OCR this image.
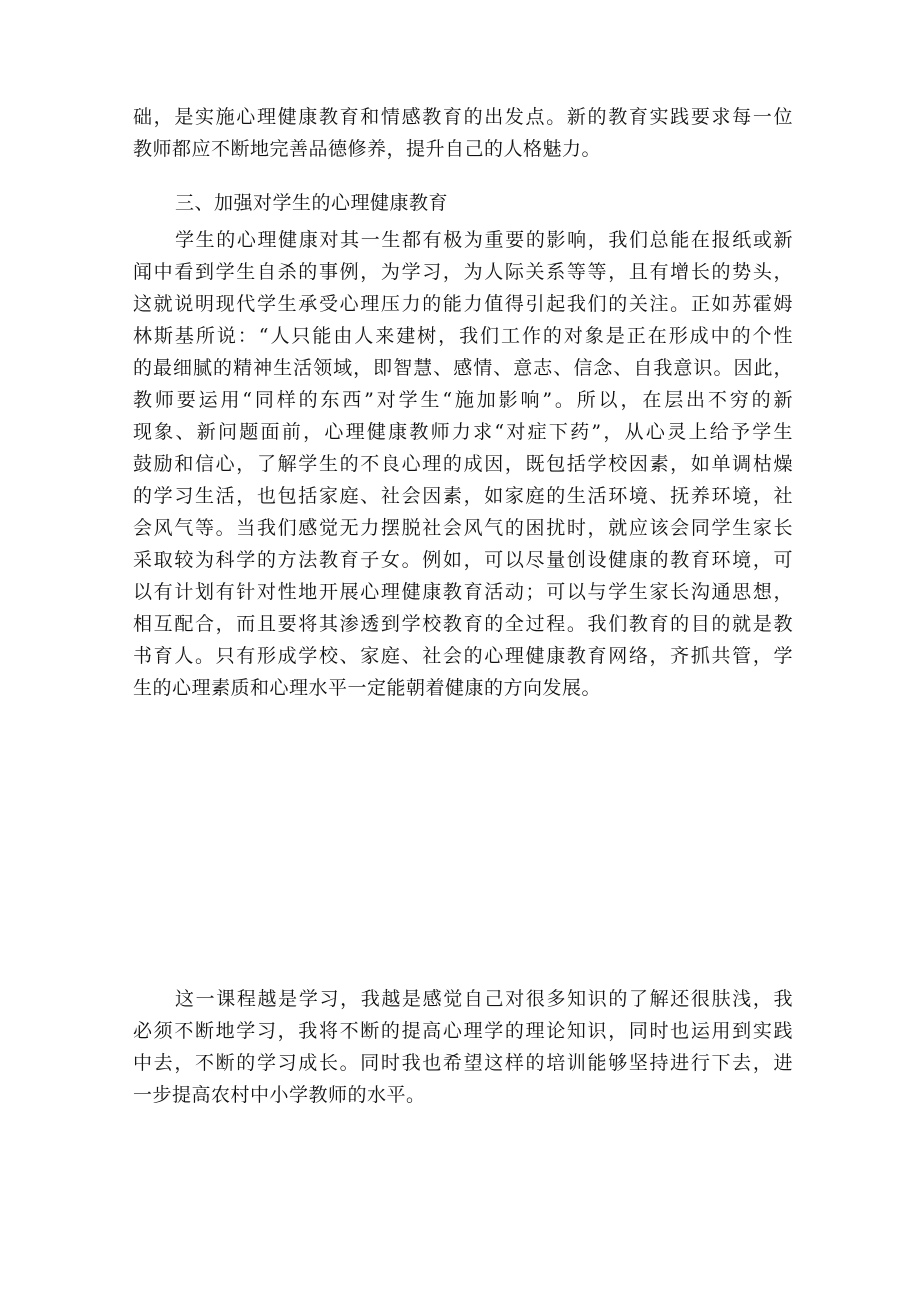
础，是实施心理健康教育和情感教育的出发点。新的教育实践要求每一位
教师都应不断地完善品德修养，提升自己的人格魅力。
三、加强对学生的心理健康教育
学生的心理健康对其一生都有极为重要的影响，我们总能在报纸或新
闻中看到学生自杀的事例，为学习，为人际关系等等，且有增长的势头，
这就说明现代学生承受心理压力的能力值得引起我们的关注。正如苏霍姆
林斯基所说：“人只能由人来建树，我们工作的对象是正在形成中的个性
的最细腻的精神生活领域，即智慧、感情、意志、信念、自我意识。因此，
教师要运用“同样的东西”对学生“施加影响”。所以，在层出不穷的新
现象、新问题面前，心理健康教师力求“对症下药”，从心灵上给予学生
鼓励和信心，了解学生的不良心理的成因，既包括学校因素，如单调枯燥
的学习生活，也包括家庭、社会因素，如家庭的生活环境、抚养环境，社
会风气等。当我们感觉无力摆脱社会风气的困扰时，就应该会同学生家长
采取较为科学的方法教育子女。例如，可以尽量创设健康的教育环境，可
以有计划有针对性地开展心理健康教育活动；可以与学生家长沟通思想，
相互配合，而且要将其渗透到学校教育的全过程。我们教育的目的就是教
书育人。只有形成学校、家庭、社会的心理健康教育网络，齐抓共管，学
生的心理素质和心理水平一定能朝着健康的方向发展。
这一课程越是学习，我越是感觉自己对很多知识的了解还很肤浅，我
必须不断地学习，我将不断的提高心理学的理论知识，同时也运用到实践
中去，不断的学习成长。同时我也希望这样的培训能够坚持进行下去，进
一步提高农村中小学教师的水平。
